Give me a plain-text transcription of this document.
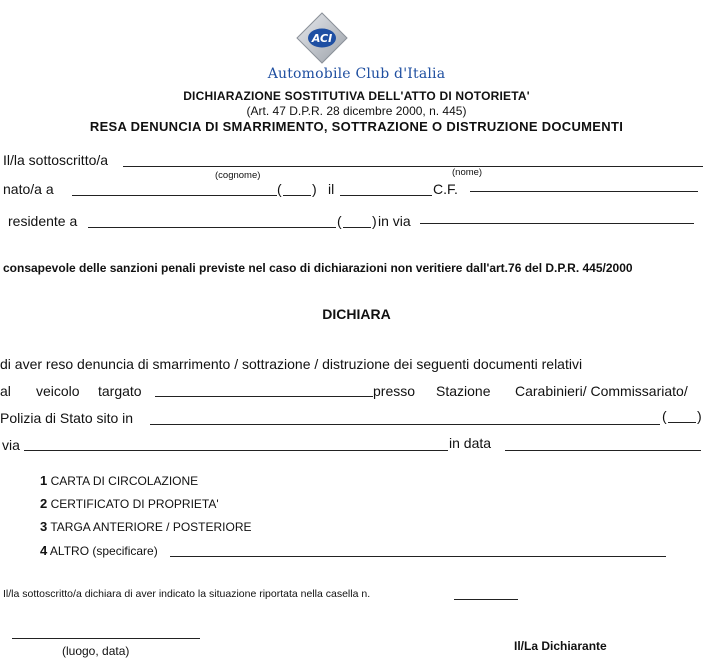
ACI
Automobile Club d'Italia
DICHIARAZIONE SOSTITUTIVA DELL'ATTO DI NOTORIETA'
(Art. 47 D.P.R. 28 dicembre 2000, n. 445)
RESA DENUNCIA DI SMARRIMENTO, SOTTRAZIONE O DISTRUZIONE DOCUMENTI
Il/la sottoscritto/a
(cognome)	(nome)
nato/a a	( ) il	C.F.
residente a	( ) in via
consapevole delle sanzioni penali previste nel caso di dichiarazioni non veritiere dall'art.76 del D.P.R. 445/2000
DICHIARA
di aver reso denuncia di smarrimento / sottrazione / distruzione dei seguenti documenti relativi
al veicolo targato	presso Stazione Carabinieri/ Commissariato/
Polizia di Stato sito in	( )
via	in data
1 CARTA DI CIRCOLAZIONE
2 CERTIFICATO DI PROPRIETA'
3 TARGA ANTERIORE / POSTERIORE
4 ALTRO (specificare)
Il/la sottoscritto/a dichiara di aver indicato la situazione riportata nella casella n.
(luogo, data)	Il/La Dichiarante
